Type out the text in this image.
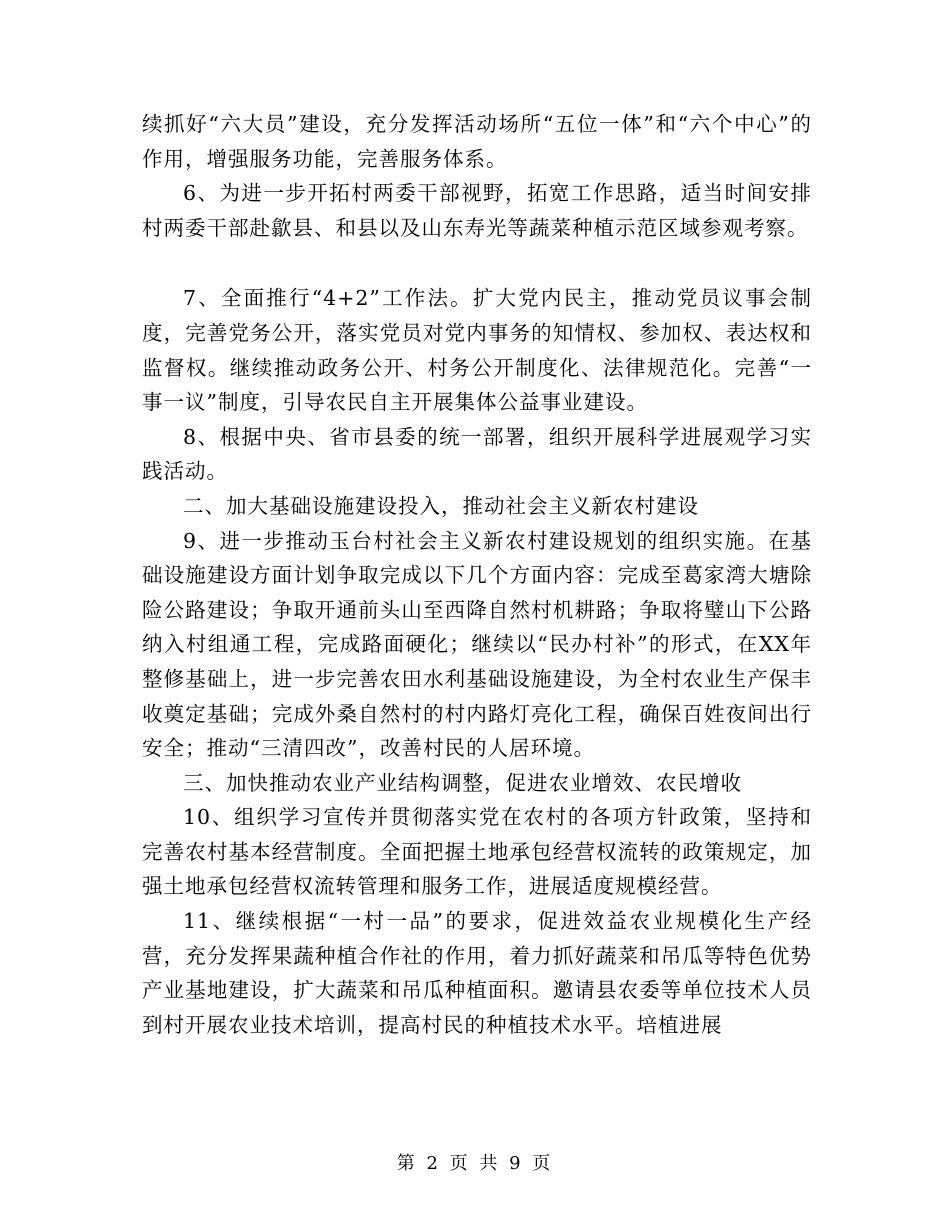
续抓好“六大员”建设，充分发挥活动场所“五位一体”和“六个中心”的作用，增强服务功能，完善服务体系。

6、为进一步开拓村两委干部视野，拓宽工作思路，适当时间安排村两委干部赴歙县、和县以及山东寿光等蔬菜种植示范区域参观考察。

7、全面推行“4+2”工作法。扩大党内民主，推动党员议事会制度，完善党务公开，落实党员对党内事务的知情权、参加权、表达权和监督权。继续推动政务公开、村务公开制度化、法律规范化。完善“一事一议”制度，引导农民自主开展集体公益事业建设。

8、根据中央、省市县委的统一部署，组织开展科学进展观学习实践活动。

二、加大基础设施建设投入，推动社会主义新农村建设

9、进一步推动玉台村社会主义新农村建设规划的组织实施。在基础设施建设方面计划争取完成以下几个方面内容：完成至葛家湾大塘除险公路建设；争取开通前头山至西降自然村机耕路；争取将璧山下公路纳入村组通工程，完成路面硬化；继续以“民办村补”的形式，在XX年整修基础上，进一步完善农田水利基础设施建设，为全村农业生产保丰收奠定基础；完成外桑自然村的村内路灯亮化工程，确保百姓夜间出行安全；推动“三清四改”，改善村民的人居环境。

三、加快推动农业产业结构调整，促进农业增效、农民增收

10、组织学习宣传并贯彻落实党在农村的各项方针政策，坚持和完善农村基本经营制度。全面把握土地承包经营权流转的政策规定，加强土地承包经营权流转管理和服务工作，进展适度规模经营。

11、继续根据“一村一品”的要求，促进效益农业规模化生产经营，充分发挥果蔬种植合作社的作用，着力抓好蔬菜和吊瓜等特色优势产业基地建设，扩大蔬菜和吊瓜种植面积。邀请县农委等单位技术人员到村开展农业技术培训，提高村民的种植技术水平。培植进展

第 2 页 共 9 页
